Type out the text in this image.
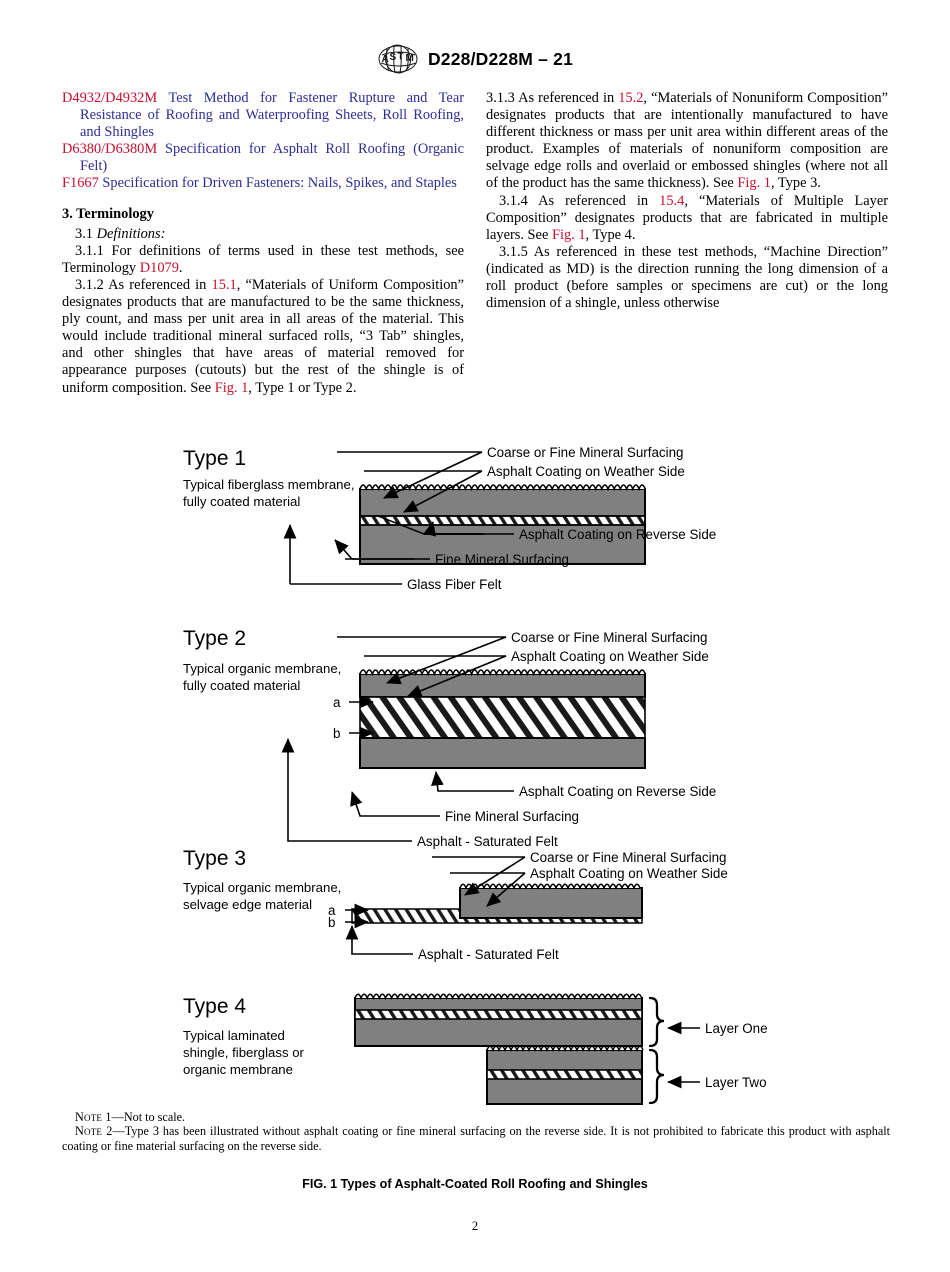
A S T M D228/D228M – 21
D4932/D4932M Test Method for Fastener Rupture and Tear Resistance of Roofing and Waterproofing Sheets, Roll Roofing, and Shingles
D6380/D6380M Specification for Asphalt Roll Roofing (Organic Felt)
F1667 Specification for Driven Fasteners: Nails, Spikes, and Staples
3. Terminology

3.1 Definitions:

3.1.1 For definitions of terms used in these test methods, see Terminology D1079.

3.1.2 As referenced in 15.1, “Materials of Uniform Composition” designates products that are manufactured to be the same thickness, ply count, and mass per unit area in all areas of the material. This would include traditional mineral surfaced rolls, “3 Tab” shingles, and other shingles that have areas of material removed for appearance purposes (cutouts) but the rest of the shingle is of uniform composition. See Fig. 1, Type 1 or Type 2.

3.1.3 As referenced in 15.2, “Materials of Nonuniform Composition” designates products that are intentionally manufactured to have different thickness or mass per unit area within different areas of the product. Examples of materials of nonuniform composition are selvage edge rolls and overlaid or embossed shingles (where not all of the product has the same thickness). See Fig. 1, Type 3.

3.1.4 As referenced in 15.4, “Materials of Multiple Layer Composition” designates products that are fabricated in multiple layers. See Fig. 1, Type 4.

3.1.5 As referenced in these test methods, “Machine Direction” (indicated as MD) is the direction running the long dimension of a roll product (before samples or specimens are cut) or the long dimension of a shingle, unless otherwise

Type 1
Typical fiberglass membrane,
fully coated material
Coarse or Fine Mineral Surfacing
Asphalt Coating on Weather Side
Asphalt Coating on Reverse Side
Fine Mineral Surfacing
Glass Fiber Felt
Type 2
Typical organic membrane,
fully coated material
a
b
Coarse or Fine Mineral Surfacing
Asphalt Coating on Weather Side
Asphalt Coating on Reverse Side
Fine Mineral Surfacing
Asphalt - Saturated Felt
Type 3
Typical organic membrane,
selvage edge material a
b
Coarse or Fine Mineral Surfacing
Asphalt Coating on Weather Side
Asphalt - Saturated Felt
Type 4
Typical laminated
shingle, fiberglass or
organic membrane
Layer One
Layer Two

Note 1—Not to scale.

Note 2—Type 3 has been illustrated without asphalt coating or fine mineral surfacing on the reverse side. It is not prohibited to fabricate this product with asphalt coating or fine material surfacing on the reverse side.

FIG. 1 Types of Asphalt-Coated Roll Roofing and Shingles
2
